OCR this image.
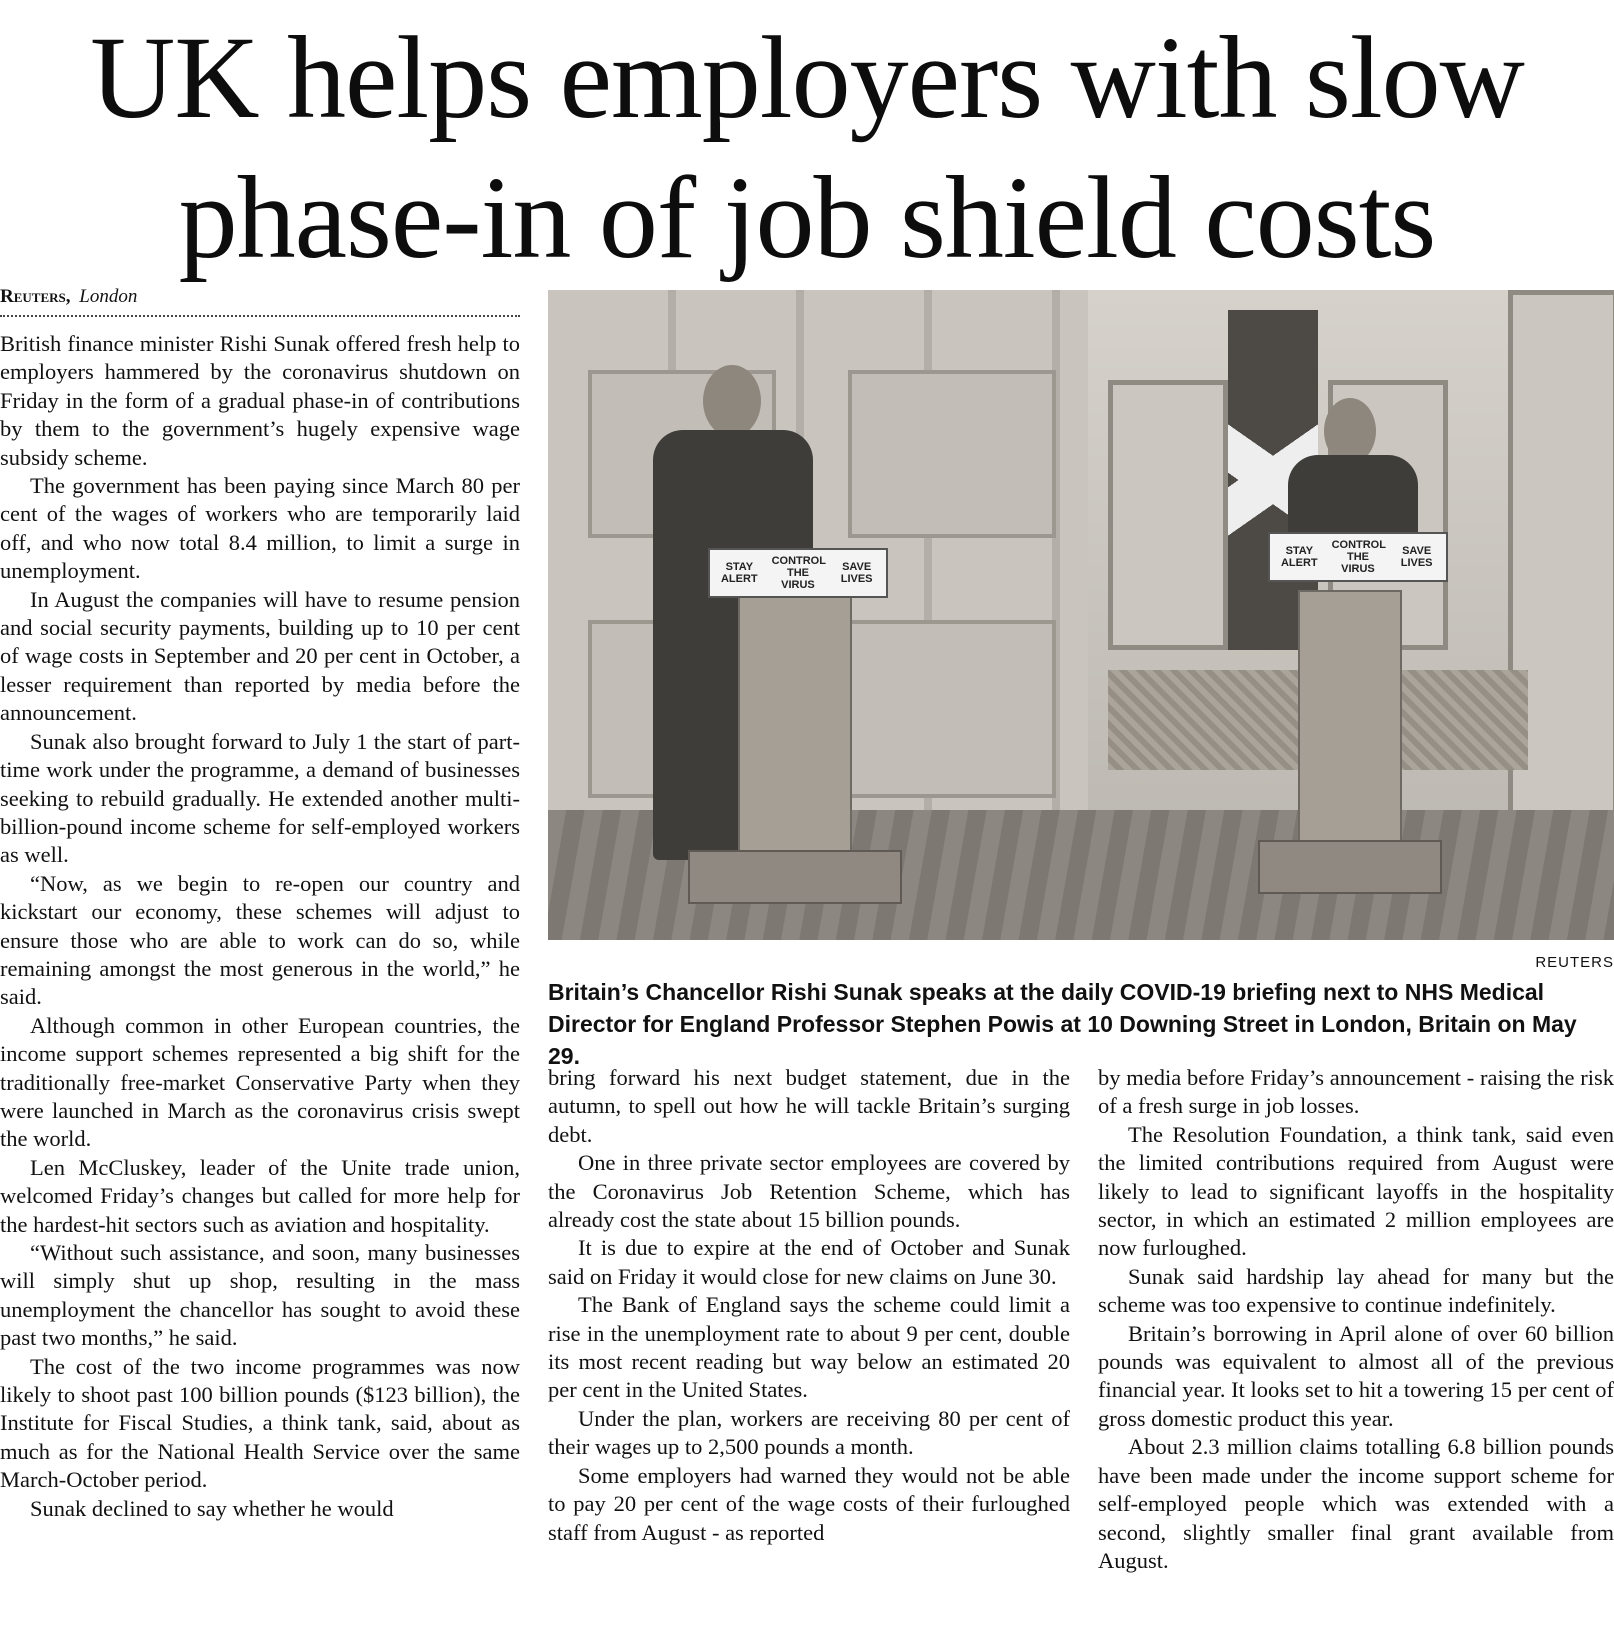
UK helps employers with slow phase-in of job shield costs
Reuters, London

British finance minister Rishi Sunak offered fresh help to employers hammered by the coronavirus shutdown on Friday in the form of a gradual phase-in of contributions by them to the government’s hugely expensive wage subsidy scheme.

The government has been paying since March 80 per cent of the wages of workers who are temporarily laid off, and who now total 8.4 million, to limit a surge in unemployment.

In August the companies will have to resume pension and social security payments, building up to 10 per cent of wage costs in September and 20 per cent in October, a lesser requirement than reported by media before the announcement.

Sunak also brought forward to July 1 the start of part-time work under the programme, a demand of businesses seeking to rebuild gradually. He extended another multi-billion-pound income scheme for self-employed workers as well.

“Now, as we begin to re-open our country and kickstart our economy, these schemes will adjust to ensure those who are able to work can do so, while remaining amongst the most generous in the world,” he said.

Although common in other European countries, the income support schemes represented a big shift for the traditionally free-market Conservative Party when they were launched in March as the coronavirus crisis swept the world.

Len McCluskey, leader of the Unite trade union, welcomed Friday’s changes but called for more help for the hardest-hit sectors such as aviation and hospitality.

“Without such assistance, and soon, many businesses will simply shut up shop, resulting in the mass unemployment the chancellor has sought to avoid these past two months,” he said.

The cost of the two income programmes was now likely to shoot past 100 billion pounds ($123 billion), the Institute for Fiscal Studies, a think tank, said, about as much as for the National Health Service over the same March-October period.

Sunak declined to say whether he would

STAY ALERT
CONTROL THE VIRUS
SAVE LIVES
STAY ALERT
CONTROL THE VIRUS
SAVE LIVES
REUTERS

Britain’s Chancellor Rishi Sunak speaks at the daily COVID-19 briefing next to NHS Medical Director for England Professor Stephen Powis at 10 Downing Street in London, Britain on May 29.

bring forward his next budget statement, due in the autumn, to spell out how he will tackle Britain’s surging debt.

One in three private sector employees are covered by the Coronavirus Job Retention Scheme, which has already cost the state about 15 billion pounds.

It is due to expire at the end of October and Sunak said on Friday it would close for new claims on June 30.

The Bank of England says the scheme could limit a rise in the unemployment rate to about 9 per cent, double its most recent reading but way below an estimated 20 per cent in the United States.

Under the plan, workers are receiving 80 per cent of their wages up to 2,500 pounds a month.

Some employers had warned they would not be able to pay 20 per cent of the wage costs of their furloughed staff from August - as reported

by media before Friday’s announcement - raising the risk of a fresh surge in job losses.

The Resolution Foundation, a think tank, said even the limited contributions required from August were likely to lead to significant layoffs in the hospitality sector, in which an estimated 2 million employees are now furloughed.

Sunak said hardship lay ahead for many but the scheme was too expensive to continue indefinitely.

Britain’s borrowing in April alone of over 60 billion pounds was equivalent to almost all of the previous financial year. It looks set to hit a towering 15 per cent of gross domestic product this year.

About 2.3 million claims totalling 6.8 billion pounds have been made under the income support scheme for self-employed people which was extended with a second, slightly smaller final grant available from August.
